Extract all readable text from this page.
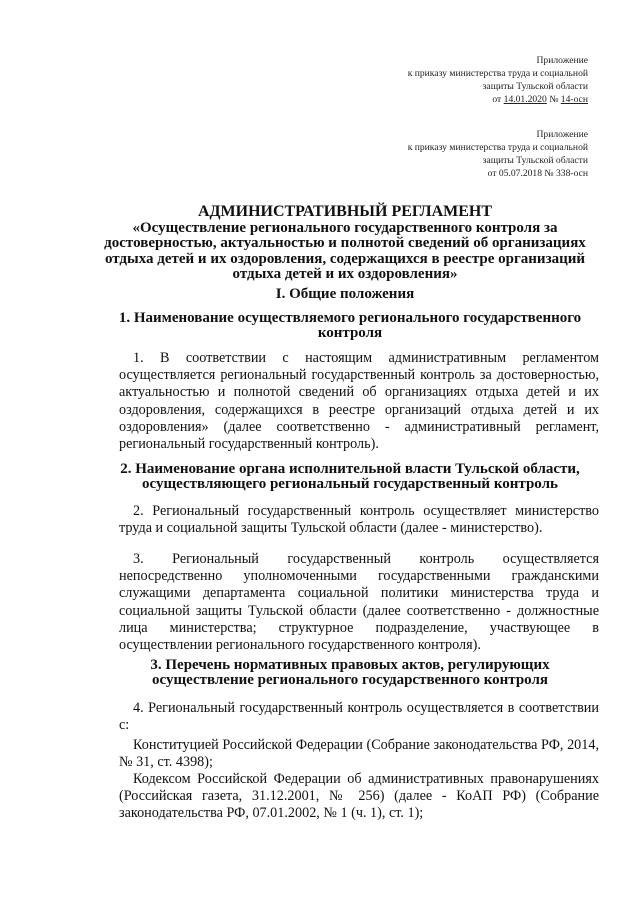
Приложение
к приказу министерства труда и социальной
защиты Тульской области
от 14.01.2020 № 14-осн
Приложение
к приказу министерства труда и социальной
защиты Тульской области
от 05.07.2018 № 338-осн
АДМИНИСТРАТИВНЫЙ РЕГЛАМЕНТ
«Осуществление регионального государственного контроля за достоверностью, актуальностью и полнотой сведений об организациях отдыха детей и их оздоровления, содержащихся в реестре организаций отдыха детей и их оздоровления»
I. Общие положения
1. Наименование осуществляемого регионального государственного контроля
1. В соответствии с настоящим административным регламентом осуществляется региональный государственный контроль за достоверностью, актуальностью и полнотой сведений об организациях отдыха детей и их оздоровления, содержащихся в реестре организаций отдыха детей и их оздоровления» (далее соответственно - административный регламент, региональный государственный контроль).
2. Наименование органа исполнительной власти Тульской области, осуществляющего региональный государственный контроль
2. Региональный государственный контроль осуществляет министерство труда и социальной защиты Тульской области (далее - министерство).
3. Региональный государственный контроль осуществляется непосредственно уполномоченными государственными гражданскими служащими департамента социальной политики министерства труда и социальной защиты Тульской области (далее соответственно - должностные лица министерства; структурное подразделение, участвующее в осуществлении регионального государственного контроля).
3. Перечень нормативных правовых актов, регулирующих осуществление регионального государственного контроля
4. Региональный государственный контроль осуществляется в соответствии с:
Конституцией Российской Федерации (Собрание законодательства РФ, 2014, № 31, ст. 4398);
Кодексом Российской Федерации об административных правонарушениях (Российская газета, 31.12.2001, № 256) (далее - КоАП РФ) (Собрание законодательства РФ, 07.01.2002, № 1 (ч. 1), ст. 1);
